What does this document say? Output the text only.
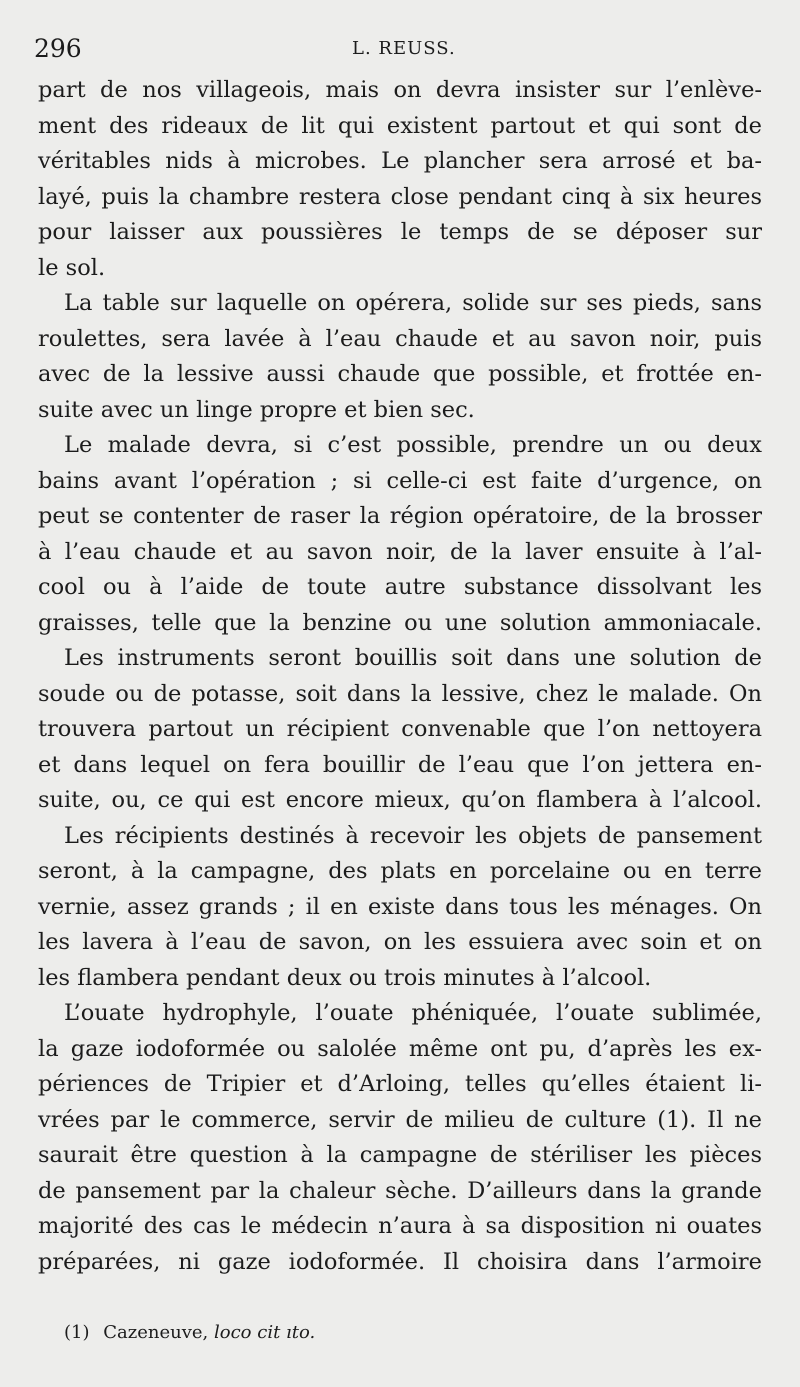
296	L. REUSS.
part de nos villageois, mais on devra insister sur l’enlève-
ment des rideaux de lit qui existent partout et qui sont de
véritables nids à microbes. Le plancher sera arrosé et ba-
layé, puis la chambre restera close pendant cinq à six heures
pour laisser aux poussières le temps de se déposer sur
le sol.
La table sur laquelle on opérera, solide sur ses pieds, sans
roulettes, sera lavée à l’eau chaude et au savon noir, puis
avec de la lessive aussi chaude que possible, et frottée en-
suite avec un linge propre et bien sec.
Le malade devra, si c’est possible, prendre un ou deux
bains avant l’opération ; si celle-ci est faite d’urgence, on
peut se contenter de raser la région opératoire, de la brosser
à l’eau chaude et au savon noir, de la laver ensuite à l’al-
cool ou à l’aide de toute autre substance dissolvant les
graisses, telle que la benzine ou une solution ammoniacale.
Les instruments seront bouillis soit dans une solution de
soude ou de potasse, soit dans la lessive, chez le malade. On
trouvera partout un récipient convenable que l’on nettoyera
et dans lequel on fera bouillir de l’eau que l’on jettera en-
suite, ou, ce qui est encore mieux, qu’on flambera à l’alcool.
Les récipients destinés à recevoir les objets de pansement
seront, à la campagne, des plats en porcelaine ou en terre
vernie, assez grands ; il en existe dans tous les ménages. On
les lavera à l’eau de savon, on les essuiera avec soin et on
les flambera pendant deux ou trois minutes à l’alcool.
L’ouate hydrophyle, l’ouate phéniquée, l’ouate sublimée,
la gaze iodoformée ou salolée même ont pu, d’après les ex-
périences de Tripier et d’Arloing, telles qu’elles étaient li-
vrées par le commerce, servir de milieu de culture (1). Il ne
saurait être question à la campagne de stériliser les pièces
de pansement par la chaleur sèche. D’ailleurs dans la grande
majorité des cas le médecin n’aura à sa disposition ni ouates
préparées, ni gaze iodoformée. Il choisira dans l’armoire
(1) Cazeneuve, loco cit ıto.
